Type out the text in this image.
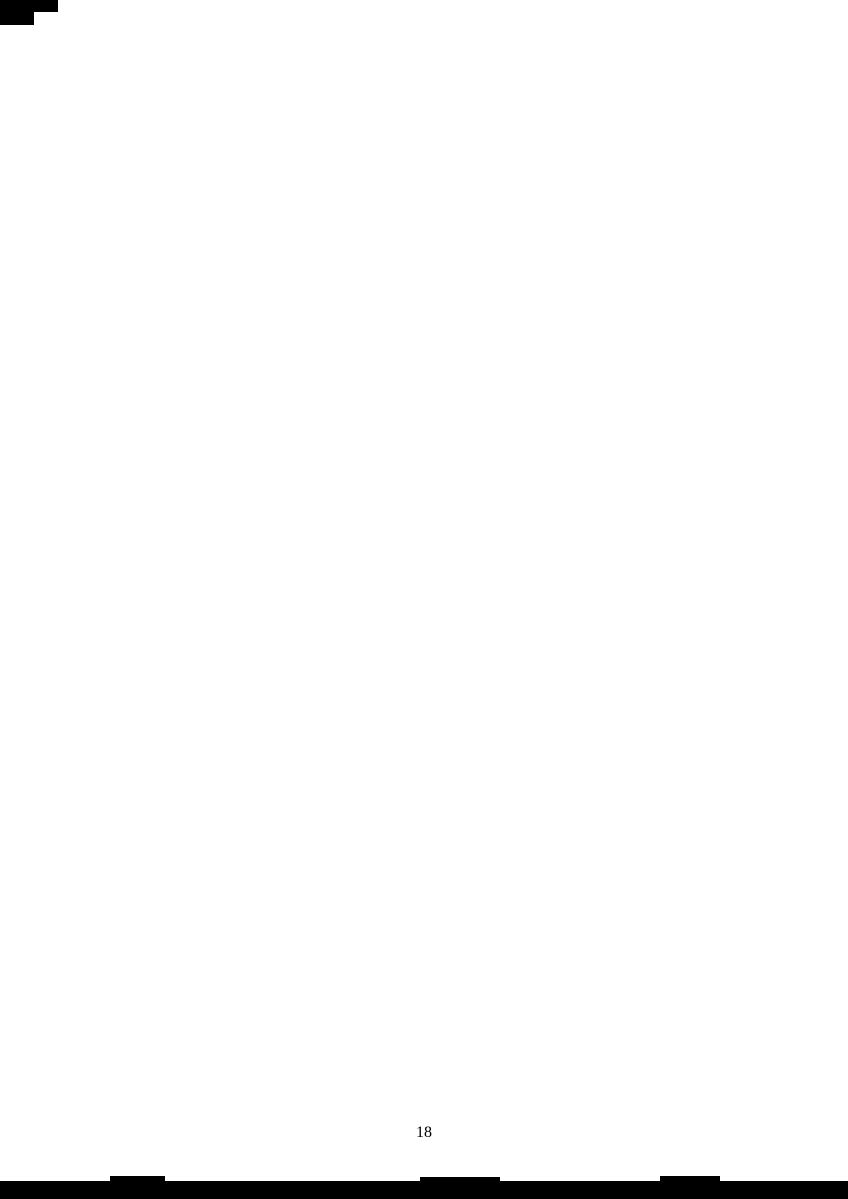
18
